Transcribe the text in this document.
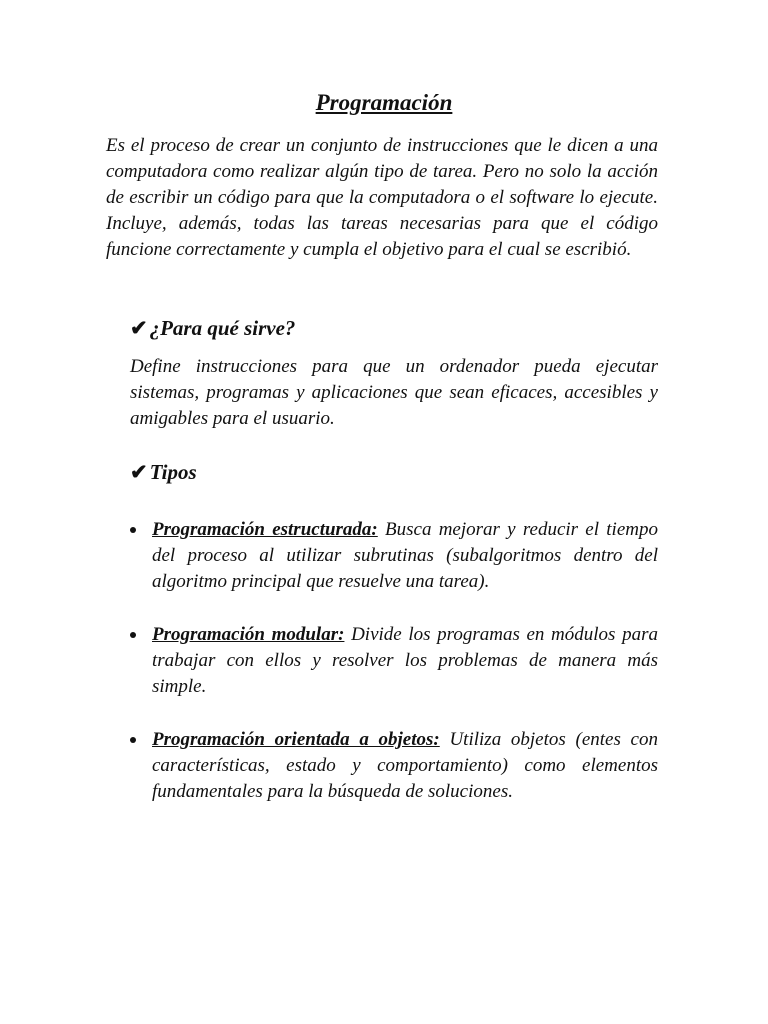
Programación

Es el proceso de crear un conjunto de instrucciones que le dicen a una computadora como realizar algún tipo de tarea. Pero no solo la acción de escribir un código para que la computadora o el software lo ejecute. Incluye, además, todas las tareas necesarias para que el código funcione correctamente y cumpla el objetivo para el cual se escribió.

✔ ¿Para qué sirve?

Define instrucciones para que un ordenador pueda ejecutar sistemas, programas y aplicaciones que sean eficaces, accesibles y amigables para el usuario.

✔ Tipos
Programación estructurada: Busca mejorar y reducir el tiempo del proceso al utilizar subrutinas (subalgoritmos dentro del algoritmo principal que resuelve una tarea).
Programación modular: Divide los programas en módulos para trabajar con ellos y resolver los problemas de manera más simple.
Programación orientada a objetos: Utiliza objetos (entes con características, estado y comportamiento) como elementos fundamentales para la búsqueda de soluciones.
